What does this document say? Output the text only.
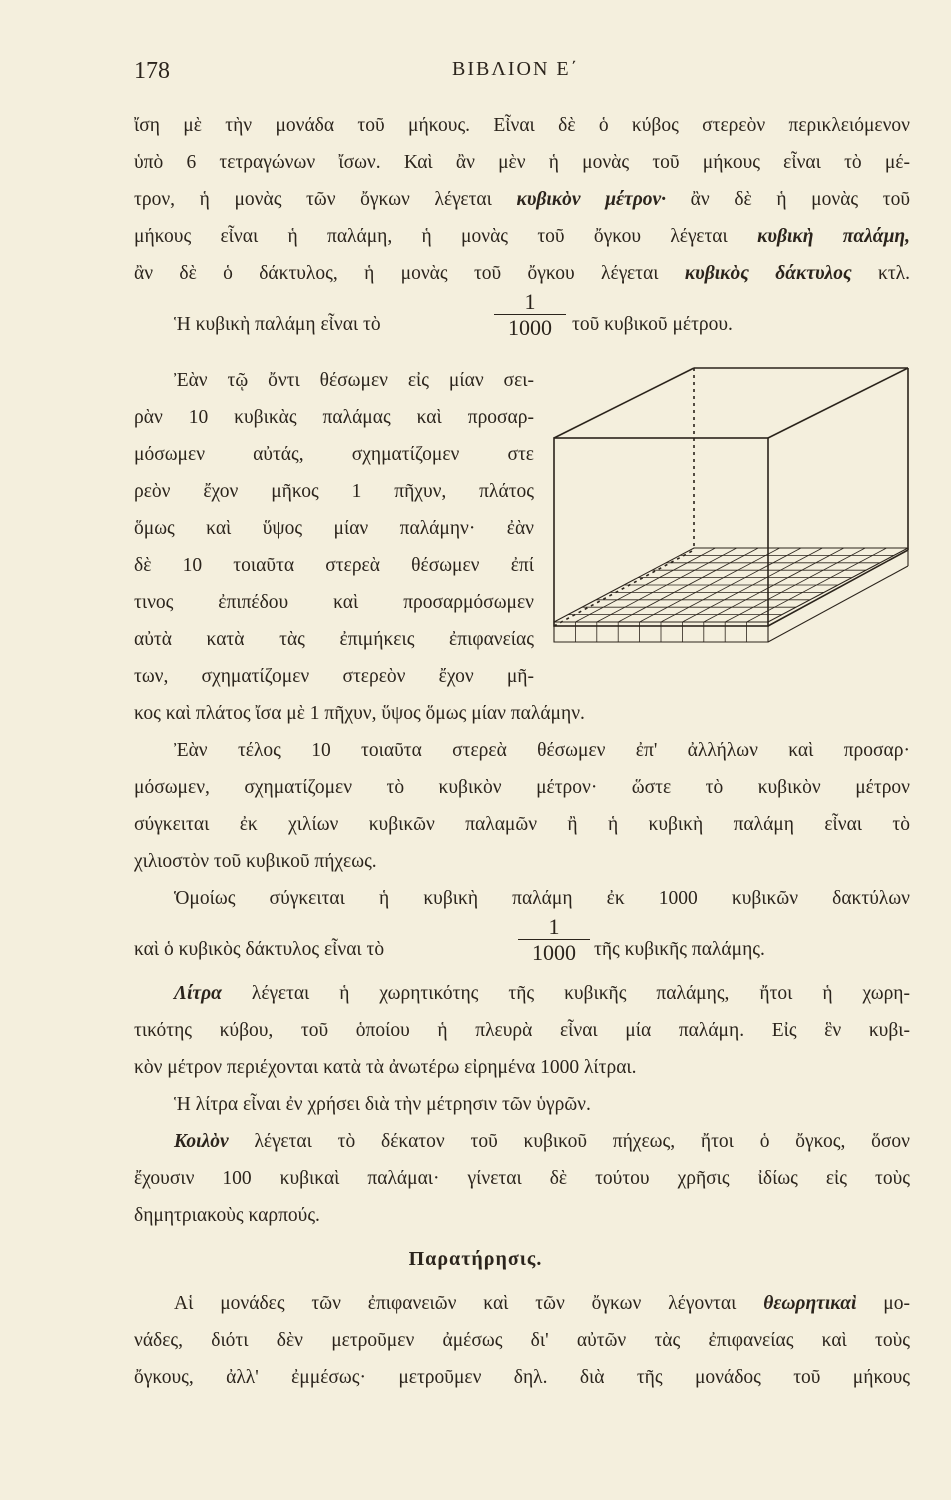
178	ΒΙΒΛΙΟΝ Ε΄
ἴση μὲ τὴν μονάδα τοῦ μήκους. Εἶναι δὲ ὁ κύβος στερεὸν περικλειόμενον
ὑπὸ 6 τετραγώνων ἴσων. Καὶ ἂν μὲν ἡ μονὰς τοῦ μήκους εἶναι τὸ μέ-
τρον, ἡ μονὰς τῶν ὄγκων λέγεται κυβικὸν μέτρον· ἂν δὲ ἡ μονὰς τοῦ
μήκους εἶναι ἡ παλάμη, ἡ μονὰς τοῦ ὄγκου λέγεται κυβικὴ παλάμη,
ἂν δὲ ὁ δάκτυλος, ἡ μονὰς τοῦ ὄγκου λέγεται κυβικὸς δάκτυλος κτλ.
Ἡ κυβικὴ παλάμη εἶναι τὸ
1
1000	τοῦ κυβικοῦ μέτρου.
Ἐὰν τῷ ὄντι θέσωμεν εἰς μίαν σει-
ρὰν 10 κυβικὰς παλάμας καὶ προσαρ-
μόσωμεν αὐτάς, σχηματίζομεν στε
ρεὸν ἔχον μῆκος 1 πῆχυν, πλάτος
ὅμως καὶ ὕψος μίαν παλάμην· ἐὰν
δὲ 10 τοιαῦτα στερεὰ θέσωμεν ἐπί
τινος ἐπιπέδου καὶ προσαρμόσωμεν
αὐτὰ κατὰ τὰς ἐπιμήκεις ἐπιφανείας
των, σχηματίζομεν στερεὸν ἔχον μῆ-
κος καὶ πλάτος ἴσα μὲ 1 πῆχυν, ὕψος ὅμως μίαν παλάμην.
Ἐὰν τέλος 10 τοιαῦτα στερεὰ θέσωμεν ἐπ' ἀλλήλων καὶ προσαρ·
μόσωμεν, σχηματίζομεν τὸ κυβικὸν μέτρον· ὥστε τὸ κυβικὸν μέτρον
σύγκειται ἐκ χιλίων κυβικῶν παλαμῶν ἢ ἡ κυβικὴ παλάμη εἶναι τὸ
χιλιοστὸν τοῦ κυβικοῦ πήχεως.
Ὁμοίως σύγκειται ἡ κυβικὴ παλάμη ἐκ 1000 κυβικῶν δακτύλων
καὶ ὁ κυβικὸς δάκτυλος εἶναι τὸ
1
1000 τῆς κυβικῆς παλάμης.
Λίτρα λέγεται ἡ χωρητικότης τῆς κυβικῆς παλάμης, ἤτοι ἡ χωρη-
τικότης κύβου, τοῦ ὁποίου ἡ πλευρὰ εἶναι μία παλάμη. Εἰς ἓν κυβι-
κὸν μέτρον περιέχονται κατὰ τὰ ἀνωτέρω εἰρημένα 1000 λίτραι.
Ἡ λίτρα εἶναι ἐν χρήσει διὰ τὴν μέτρησιν τῶν ὑγρῶν.
Κοιλὸν λέγεται τὸ δέκατον τοῦ κυβικοῦ πήχεως, ἤτοι ὁ ὄγκος, ὅσον
ἔχουσιν 100 κυβικαὶ παλάμαι· γίνεται δὲ τούτου χρῆσις ἰδίως εἰς τοὺς
δημητριακοὺς καρπούς.
Παρατήρησις.
Αἱ μονάδες τῶν ἐπιφανειῶν καὶ τῶν ὄγκων λέγονται θεωρητικαὶ μο-
νάδες, διότι δὲν μετροῦμεν ἀμέσως δι' αὐτῶν τὰς ἐπιφανείας καὶ τοὺς
ὄγκους, ἀλλ' ἐμμέσως· μετροῦμεν δηλ. διὰ τῆς μονάδος τοῦ μήκους
